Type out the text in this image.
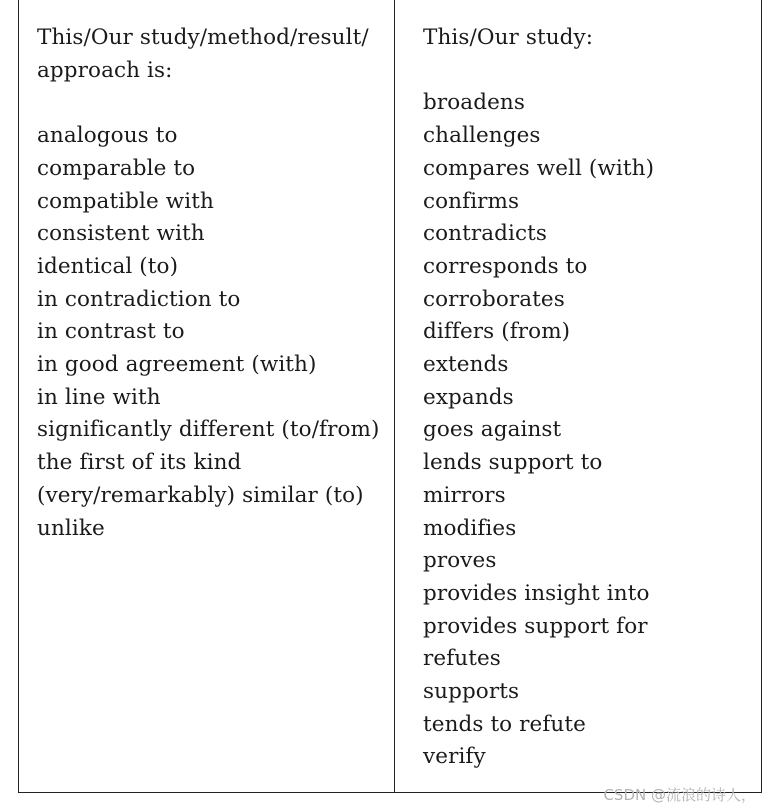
This/Our study/method/result/
approach is:
analogous to
comparable to
compatible with
consistent with
identical (to)
in contradiction to
in contrast to
in good agreement (with)
in line with
significantly different (to/from)
the first of its kind
(very/remarkably) similar (to)
unlike
This/Our study:
broadens
challenges
compares well (with)
confirms
contradicts
corresponds to
corroborates
differs (from)
extends
expands
goes against
lends support to
mirrors
modifies
proves
provides insight into
provides support for
refutes
supports
tends to refute
verify
CSDN @流浪的诗人，
